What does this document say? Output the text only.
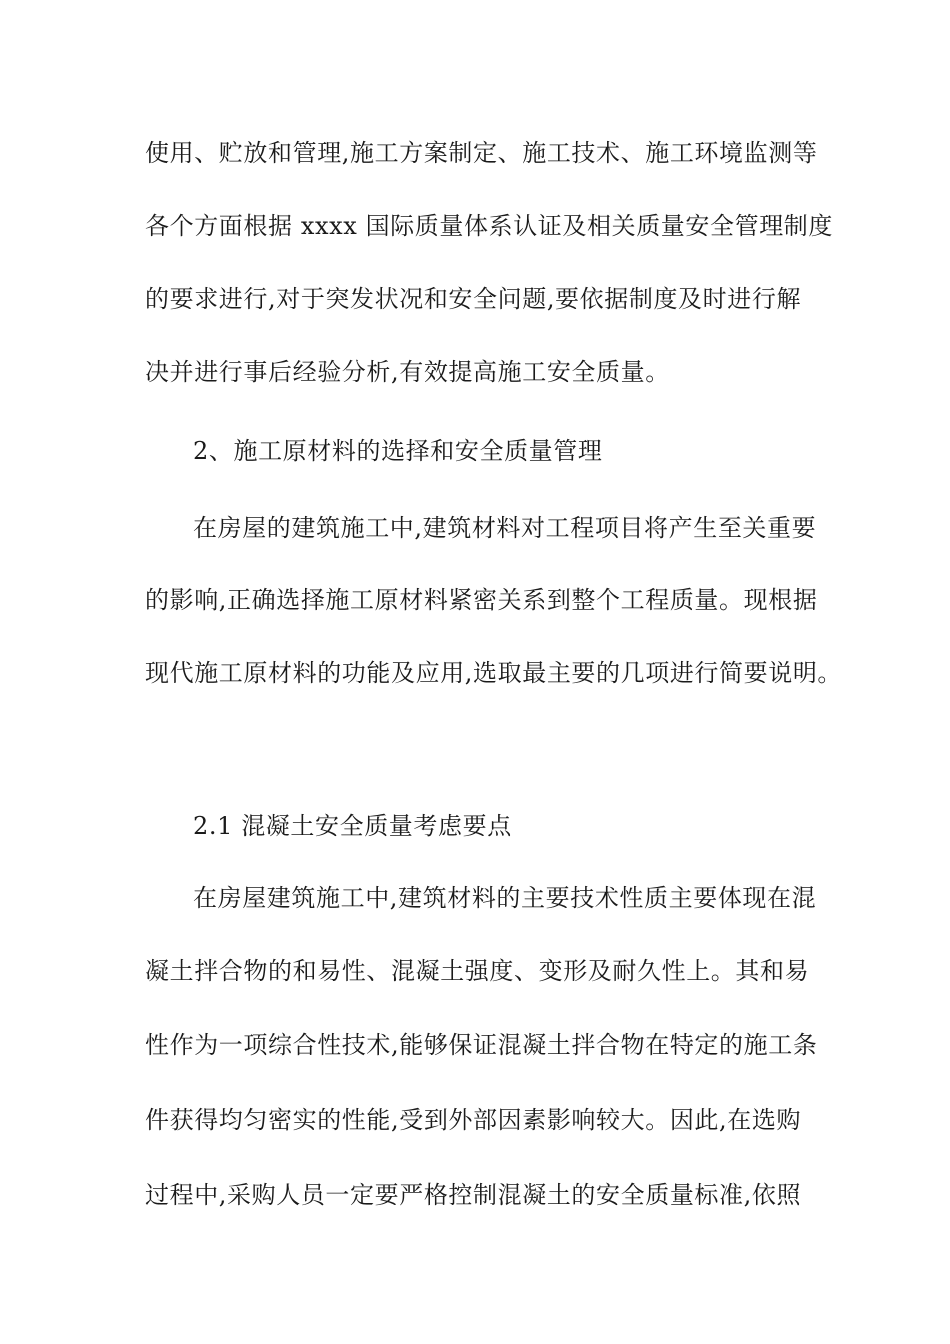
使用、贮放和管理,施工方案制定、施工技术、施工环境监测等
各个方面根据 xxxx 国际质量体系认证及相关质量安全管理制度
的要求进行,对于突发状况和安全问题,要依据制度及时进行解
决并进行事后经验分析,有效提高施工安全质量。
2、施工原材料的选择和安全质量管理
在房屋的建筑施工中,建筑材料对工程项目将产生至关重要
的影响,正确选择施工原材料紧密关系到整个工程质量。现根据
现代施工原材料的功能及应用,选取最主要的几项进行简要说明。
2.1 混凝土安全质量考虑要点
在房屋建筑施工中,建筑材料的主要技术性质主要体现在混
凝土拌合物的和易性、混凝土强度、变形及耐久性上。其和易
性作为一项综合性技术,能够保证混凝土拌合物在特定的施工条
件获得均匀密实的性能,受到外部因素影响较大。因此,在选购
过程中,采购人员一定要严格控制混凝土的安全质量标准,依照
